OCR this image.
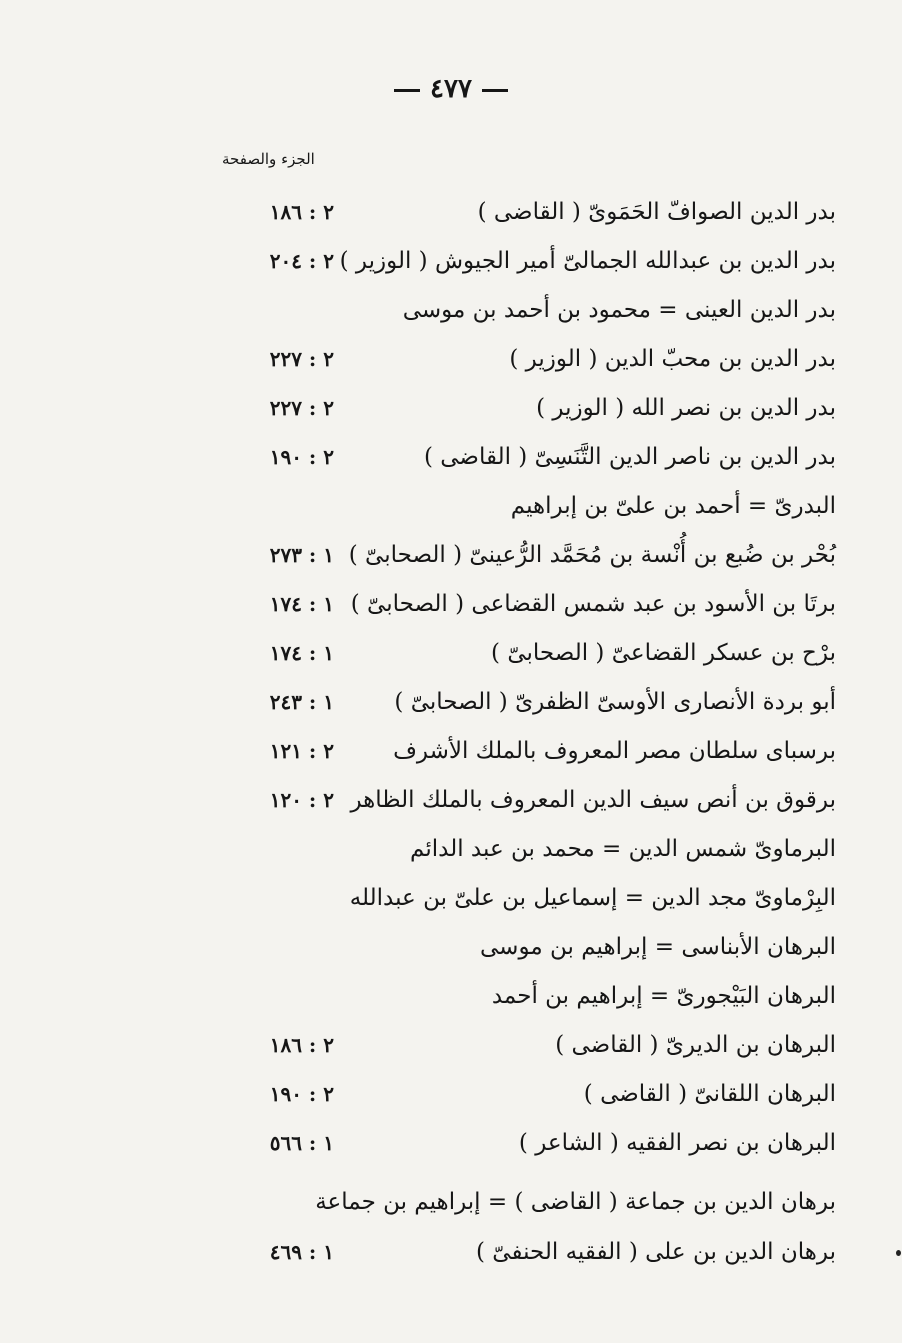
٤٧٧
الجزء والصفحة
بدر الدين الصوافّ الحَمَوىّ ( القاضى )
٢ : ١٨٦
بدر الدين بن عبدالله الجمالىّ أمير الجيوش ( الوزير )
٢ : ٢٠٤
بدر الدين العينى = محمود بن أحمد بن موسى
بدر الدين بن محبّ الدين ( الوزير )
٢ : ٢٢٧
بدر الدين بن نصر الله ( الوزير )
٢ : ٢٢٧
بدر الدين بن ناصر الدين التَّنَسِىّ ( القاضى )
٢ : ١٩٠
البدرىّ = أحمد بن علىّ بن إبراهيم
بُحْر بن ضُبع بن أُنْسة بن مُحَمَّد الرُّعينىّ ( الصحابىّ )
١ : ٢٧٣
برتَا بن الأسود بن عبد شمس القضاعى ( الصحابىّ )
١ : ١٧٤
برْح بن عسكر القضاعىّ ( الصحابىّ )
١ : ١٧٤
أبو بردة الأنصارى الأوسىّ الظفرىّ ( الصحابىّ )
١ : ٢٤٣
برسباى سلطان مصر المعروف بالملك الأشرف
٢ : ١٢١
برقوق بن أنص سيف الدين المعروف بالملك الظاهر
٢ : ١٢٠
البرماوىّ شمس الدين = محمد بن عبد الدائم
البِرْماوىّ مجد الدين = إسماعيل بن علىّ بن عبدالله
البرهان الأبناسى = إبراهيم بن موسى
البرهان البَيْجورىّ = إبراهيم بن أحمد
البرهان بن الديرىّ ( القاضى )
٢ : ١٨٦
البرهان اللقانىّ ( القاضى )
٢ : ١٩٠
البرهان بن نصر الفقيه ( الشاعر )
١ : ٥٦٦
برهان الدين بن جماعة ( القاضى ) = إبراهيم بن جماعة
برهان الدين بن على ( الفقيه الحنفىّ )
١ : ٤٦٩
